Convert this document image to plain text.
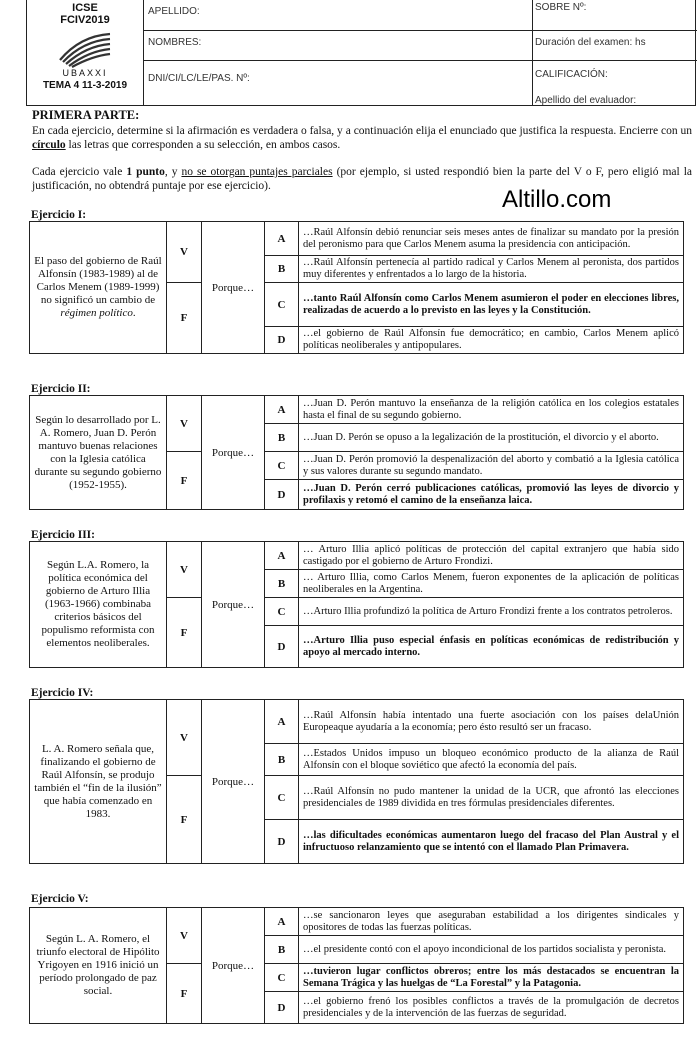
ICSE
FCIV2019
UBAXXI
TEMA 4 11-3-2019
APELLIDO:
NOMBRES:
DNI/CI/LC/LE/PAS. Nº:
SOBRE Nº:
Duración del examen: hs
CALIFICACIÓN:
Apellido del evaluador:
PRIMERA PARTE:
En cada ejercicio, determine si la afirmación es verdadera o falsa, y a continuación elija el enunciado que justifica la respuesta. Encierre con un círculo las letras que corresponden a su selección, en ambos casos.
Cada ejercicio vale 1 punto, y no se otorgan puntajes parciales (por ejemplo, si usted respondió bien la parte del V o F, pero eligió mal la justificación, no obtendrá puntaje por ese ejercicio).	Altillo.com
Ejercicio I:
El paso del gobierno de Raúl Alfonsín (1983-1989) al de Carlos Menem (1989-1999) no significó un cambio de régimen político.	V	Porque…	A	…Raúl Alfonsín debió renunciar seis meses antes de finalizar su mandato por la presión del peronismo para que Carlos Menem asuma la presidencia con anticipación.
			B	…Raúl Alfonsín pertenecía al partido radical y Carlos Menem al peronista, dos partidos muy diferentes y enfrentados a lo largo de la historia.
	F		C	…tanto Raúl Alfonsín como Carlos Menem asumieron el poder en elecciones libres, realizadas de acuerdo a lo previsto en las leyes y la Constitución.
			D	…el gobierno de Raúl Alfonsín fue democrático; en cambio, Carlos Menem aplicó políticas neoliberales y antipopulares.
Ejercicio II:
Según lo desarrollado por L. A. Romero, Juan D. Perón mantuvo buenas relaciones con la Iglesia católica durante su segundo gobierno (1952-1955).	V	Porque…	A	…Juan D. Perón mantuvo la enseñanza de la religión católica en los colegios estatales hasta el final de su segundo gobierno.
			B	…Juan D. Perón se opuso a la legalización de la prostitución, el divorcio y el aborto.
	F		C	…Juan D. Perón promovió la despenalización del aborto y combatió a la Iglesia católica y sus valores durante su segundo mandato.
			D	…Juan D. Perón cerró publicaciones católicas, promovió las leyes de divorcio y profilaxis y retomó el camino de la enseñanza laica.
Ejercicio III:
Según L.A. Romero, la política económica del gobierno de Arturo Illia (1963-1966) combinaba criterios básicos del populismo reformista con elementos neoliberales.	V	Porque…	A	… Arturo Illia aplicó políticas de protección del capital extranjero que había sido castigado por el gobierno de Arturo Frondizi.
			B	… Arturo Illia, como Carlos Menem, fueron exponentes de la aplicación de políticas neoliberales en la Argentina.
	F		C	…Arturo Illia profundizó la política de Arturo Frondizi frente a los contratos petroleros.
			D	…Arturo Illia puso especial énfasis en políticas económicas de redistribución y apoyo al mercado interno.
Ejercicio IV:
L. A. Romero señala que, finalizando el gobierno de Raúl Alfonsín, se produjo también el “fin de la ilusión” que había comenzado en 1983.	V	Porque…	A	…Raúl Alfonsín había intentado una fuerte asociación con los países delaUnión Europeaque ayudaría a la economía; pero ésto resultó ser un fracaso.
			B	…Estados Unidos impuso un bloqueo económico producto de la alianza de Raúl Alfonsín con el bloque soviético que afectó la economía del país.
	F		C	…Raúl Alfonsín no pudo mantener la unidad de la UCR, que afrontó las elecciones presidenciales de 1989 dividida en tres fórmulas presidenciales diferentes.
			D	…las dificultades económicas aumentaron luego del fracaso del Plan Austral y el infructuoso relanzamiento que se intentó con el llamado Plan Primavera.
Ejercicio V:
Según L. A. Romero, el triunfo electoral de Hipólito Yrigoyen en 1916 inició un período prolongado de paz social.	V	Porque…	A	…se sancionaron leyes que aseguraban estabilidad a los dirigentes sindicales y opositores de todas las fuerzas políticas.
			B	…el presidente contó con el apoyo incondicional de los partidos socialista y peronista.
	F		C	…tuvieron lugar conflictos obreros; entre los más destacados se encuentran la Semana Trágica y las huelgas de “La Forestal” y la Patagonia.
			D	…el gobierno frenó los posibles conflictos a través de la promulgación de decretos presidenciales y de la intervención de las fuerzas de seguridad.
